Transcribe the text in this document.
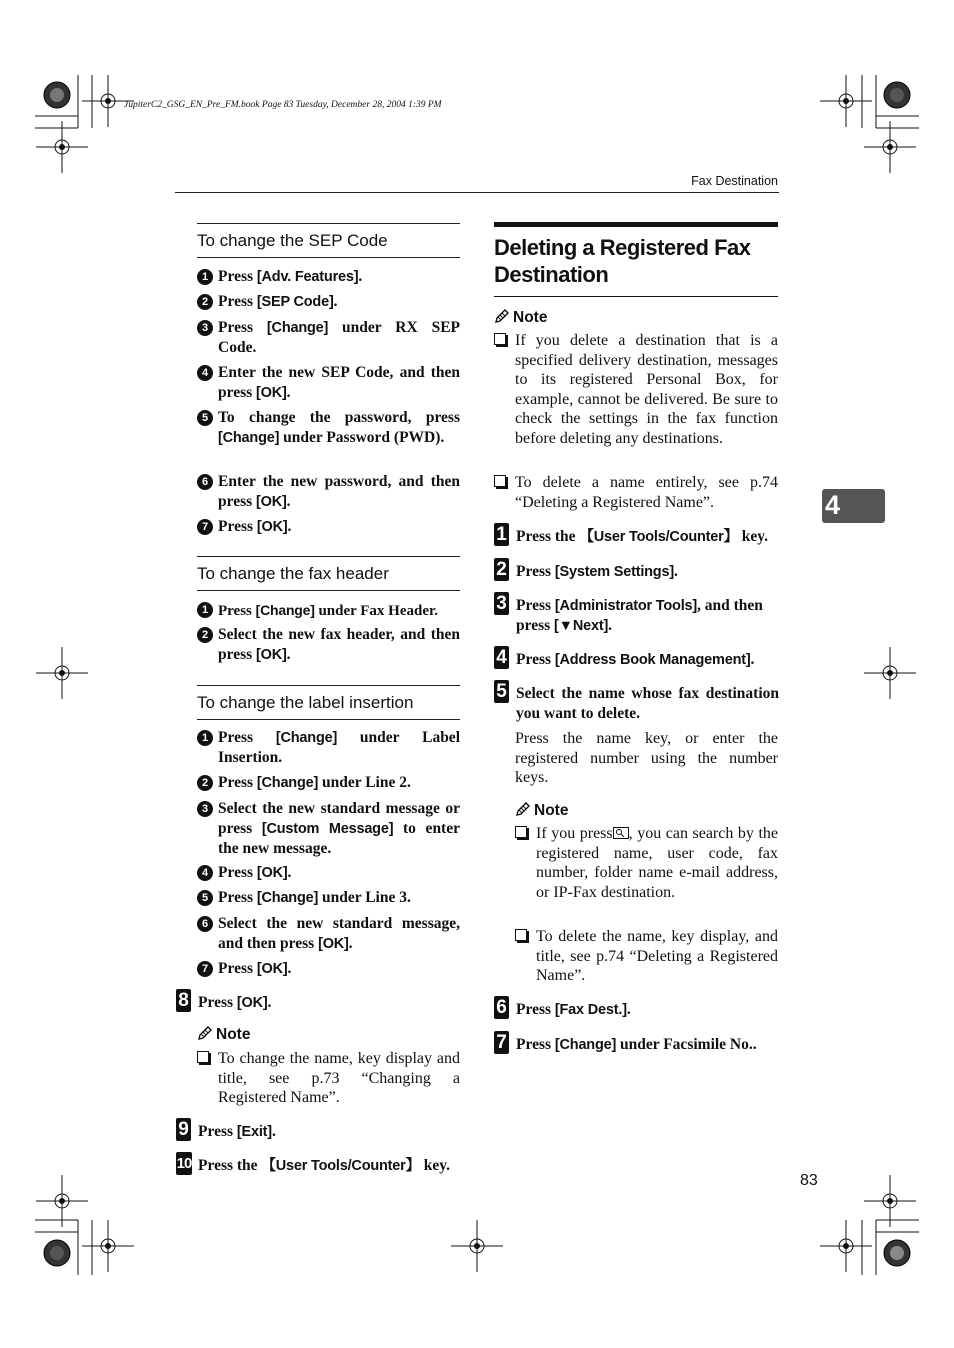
JupiterC2_GSG_EN_Pre_FM.book Page 83 Tuesday, December 28, 2004 1:39 PM
Fax Destination
4
83
To change the SEP Code
1 Press [Adv. Features].
2 Press [SEP Code].
3 Press [Change] under RX SEP Code.
4 Enter the new SEP Code, and then press [OK].
5 To change the password, press [Change] under Password (PWD).
6 Enter the new password, and then press [OK].
7 Press [OK].
To change the fax header
1 Press [Change] under Fax Header.
2 Select the new fax header, and then press [OK].
To change the label insertion
1 Press [Change] under Label Insertion.
2 Press [Change] under Line 2.
3 Select the new standard message or press [Custom Message] to enter the new message.
4 Press [OK].
5 Press [Change] under Line 3.
6 Select the new standard message, and then press [OK].
7 Press [OK].
8 Press [OK].
Note
To change the name, key display and title, see p.73 “Changing a Registered Name”.
9 Press [Exit].
10 Press the 【User Tools/Counter】 key.
Deleting a Registered Fax Destination
Note
If you delete a destination that is a specified delivery destination, messages to its registered Personal Box, for example, cannot be delivered. Be sure to check the settings in the fax function before deleting any destinations.
To delete a name entirely, see p.74 “Deleting a Registered Name”.
1 Press the 【User Tools/Counter】 key.
2 Press [System Settings].
3 Press [Administrator Tools], and then press [▼Next].
4 Press [Address Book Management].
5 Select the name whose fax destination you want to delete.
Press the name key, or enter the registered number using the number keys.
Note
If you press , you can search by the registered name, user code, fax number, folder name e-mail address, or IP-Fax destination.
To delete the name, key display, and title, see p.74 “Deleting a Registered Name”.
6 Press [Fax Dest.].
7 Press [Change] under Facsimile No..
